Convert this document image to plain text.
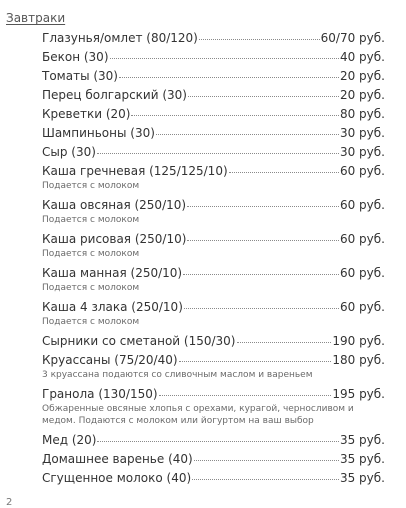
Завтраки
Глазунья/омлет (80/120)	60/70 руб.
Бекон (30)	40 руб.
Томаты (30)	20 руб.
Перец болгарский (30)	20 руб.
Креветки (20)	80 руб.
Шампиньоны (30)	30 руб.
Сыр (30)	30 руб.
Каша гречневая (125/125/10)	60 руб.
Подается с молоком
Каша овсяная (250/10)	60 руб.
Подается с молоком
Каша рисовая (250/10)	60 руб.
Подается с молоком
Каша манная (250/10)	60 руб.
Подается с молоком
Каша 4 злака (250/10)	60 руб.
Подается с молоком
Сырники со сметаной (150/30)	190 руб.
Круассаны (75/20/40)	180 руб.
3 круассана подаются со сливочным маслом и вареньем
Гранола (130/150)	195 руб.
Обжаренные овсяные хлопья с орехами, курагой, черносливом и медом. Подаются с молоком или йогуртом на ваш выбор
Мед (20)	35 руб.
Домашнее варенье (40)	35 руб.
Сгущенное молоко (40)	35 руб.
2
